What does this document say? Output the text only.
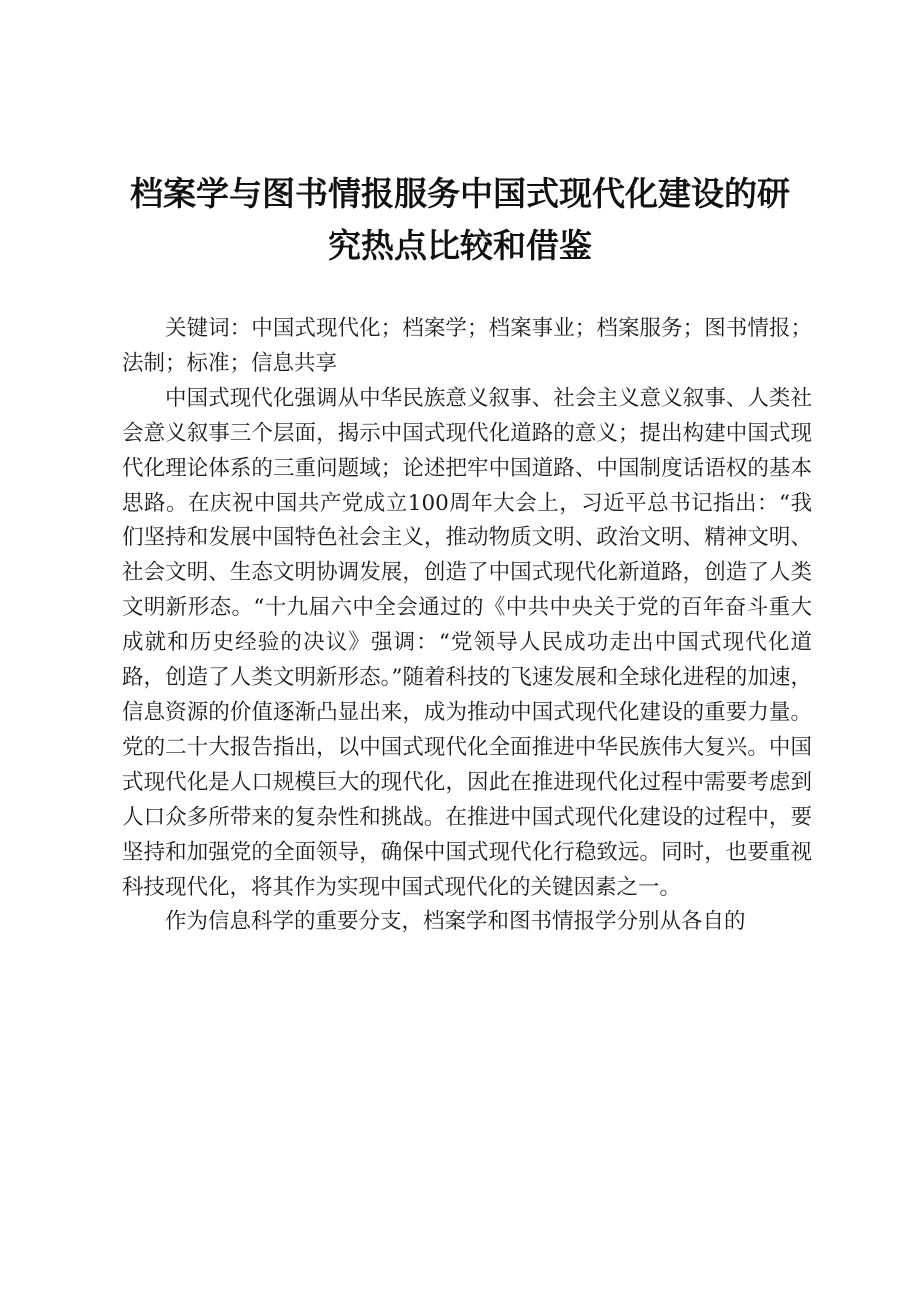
档案学与图书情报服务中国式现代化建设的研
究热点比较和借鉴

关键词：中国式现代化；档案学；档案事业；档案服务；图书情报；法制；标准；信息共享

中国式现代化强调从中华民族意义叙事、社会主义意义叙事、人类社会意义叙事三个层面，揭示中国式现代化道路的意义；提出构建中国式现代化理论体系的三重问题域；论述把牢中国道路、中国制度话语权的基本思路。在庆祝中国共产党成立100周年大会上，习近平总书记指出：“我们坚持和发展中国特色社会主义，推动物质文明、政治文明、精神文明、社会文明、生态文明协调发展，创造了中国式现代化新道路，创造了人类文明新形态。“十九届六中全会通过的《中共中央关于党的百年奋斗重大成就和历史经验的决议》强调：“党领导人民成功走出中国式现代化道路，创造了人类文明新形态。”随着科技的飞速发展和全球化进程的加速，信息资源的价值逐渐凸显出来，成为推动中国式现代化建设的重要力量。党的二十大报告指出，以中国式现代化全面推进中华民族伟大复兴。中国式现代化是人口规模巨大的现代化，因此在推进现代化过程中需要考虑到人口众多所带来的复杂性和挑战。在推进中国式现代化建设的过程中，要坚持和加强党的全面领导，确保中国式现代化行稳致远。同时，也要重视科技现代化，将其作为实现中国式现代化的关键因素之一。

作为信息科学的重要分支，档案学和图书情报学分别从各自的
